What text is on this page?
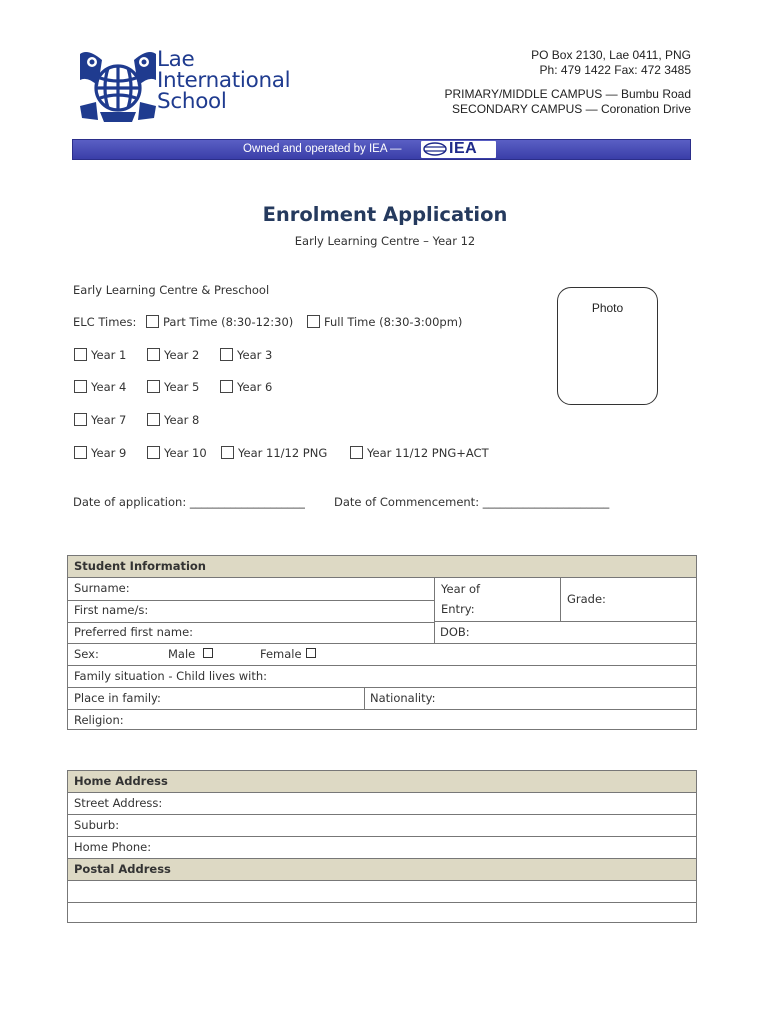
Lae
International
School
PO Box 2130, Lae 0411, PNG
Ph: 479 1422 Fax: 472 3485
PRIMARY/MIDDLE CAMPUS — Bumbu Road
SECONDARY CAMPUS — Coronation Drive
Owned and operated by IEA —	IEA
Enrolment Application
Early Learning Centre – Year 12
Early Learning Centre & Preschool
ELC Times:	Part Time (8:30-12:30)	Full Time (8:30-3:00pm)
Year 1	Year 2	Year 3
Year 4	Year 5	Year 6
Year 7	Year 8
Year 9	Year 10	Year 11/12 PNG	Year 11/12 PNG+ACT
Photo
Date of application: ____________________	Date of Commencement: ______________________
Student Information
Surname:
First name/s:
Year of
Entry:
Grade:
Preferred first name:	DOB:
Sex:	Male	Female
Family situation - Child lives with:
Place in family:	Nationality:
Religion:
Home Address
Street Address:
Suburb:
Home Phone:
Postal Address
